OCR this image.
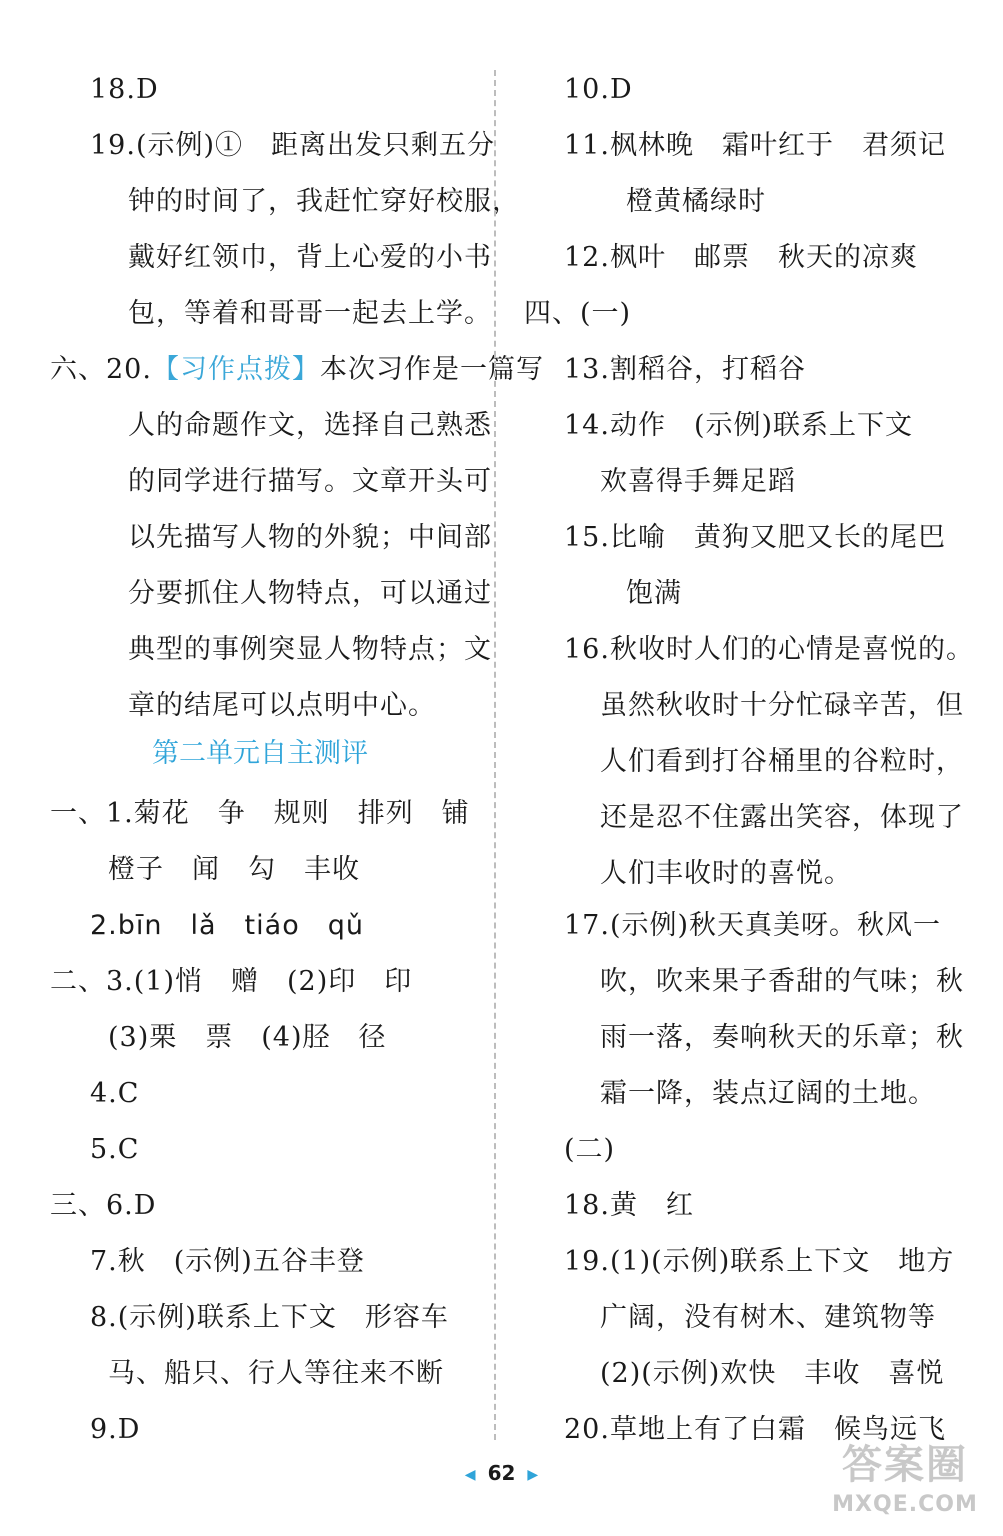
18.D
19.(示例)①　距离出发只剩五分
钟的时间了，我赶忙穿好校服，
戴好红领巾，背上心爱的小书
包，等着和哥哥一起去上学。
六、20.【习作点拨】本次习作是一篇写
人的命题作文，选择自己熟悉
的同学进行描写。文章开头可
以先描写人物的外貌；中间部
分要抓住人物特点，可以通过
典型的事例突显人物特点；文
章的结尾可以点明中心。
一、1.菊花　争　规则　排列　铺
橙子　闻　勾　丰收
2.bīn　lǎ　tiáo　qǔ
二、3.(1)悄　赠　(2)印　印
(3)栗　票　(4)胫　径
4.C
5.C
三、6.D
7.秋　(示例)五谷丰登
8.(示例)联系上下文　形容车
马、船只、行人等往来不断
9.D
第二单元自主测评
10.D
11.枫林晚　霜叶红于　君须记
橙黄橘绿时
12.枫叶　邮票　秋天的凉爽
四、(一)
13.割稻谷，打稻谷
14.动作　(示例)联系上下文
欢喜得手舞足蹈
15.比喻　黄狗又肥又长的尾巴
饱满
16.秋收时人们的心情是喜悦的。
虽然秋收时十分忙碌辛苦，但
人们看到打谷桶里的谷粒时，
还是忍不住露出笑容，体现了
人们丰收时的喜悦。
17.(示例)秋天真美呀。秋风一
吹，吹来果子香甜的气味；秋
雨一落，奏响秋天的乐章；秋
霜一降，装点辽阔的土地。
(二)
18.黄　红
19.(1)(示例)联系上下文　地方
广阔，没有树木、建筑物等
(2)(示例)欢快　丰收　喜悦
20.草地上有了白霜　候鸟远飞
◀ 62 ▶	答案圈
MXQE.COM
